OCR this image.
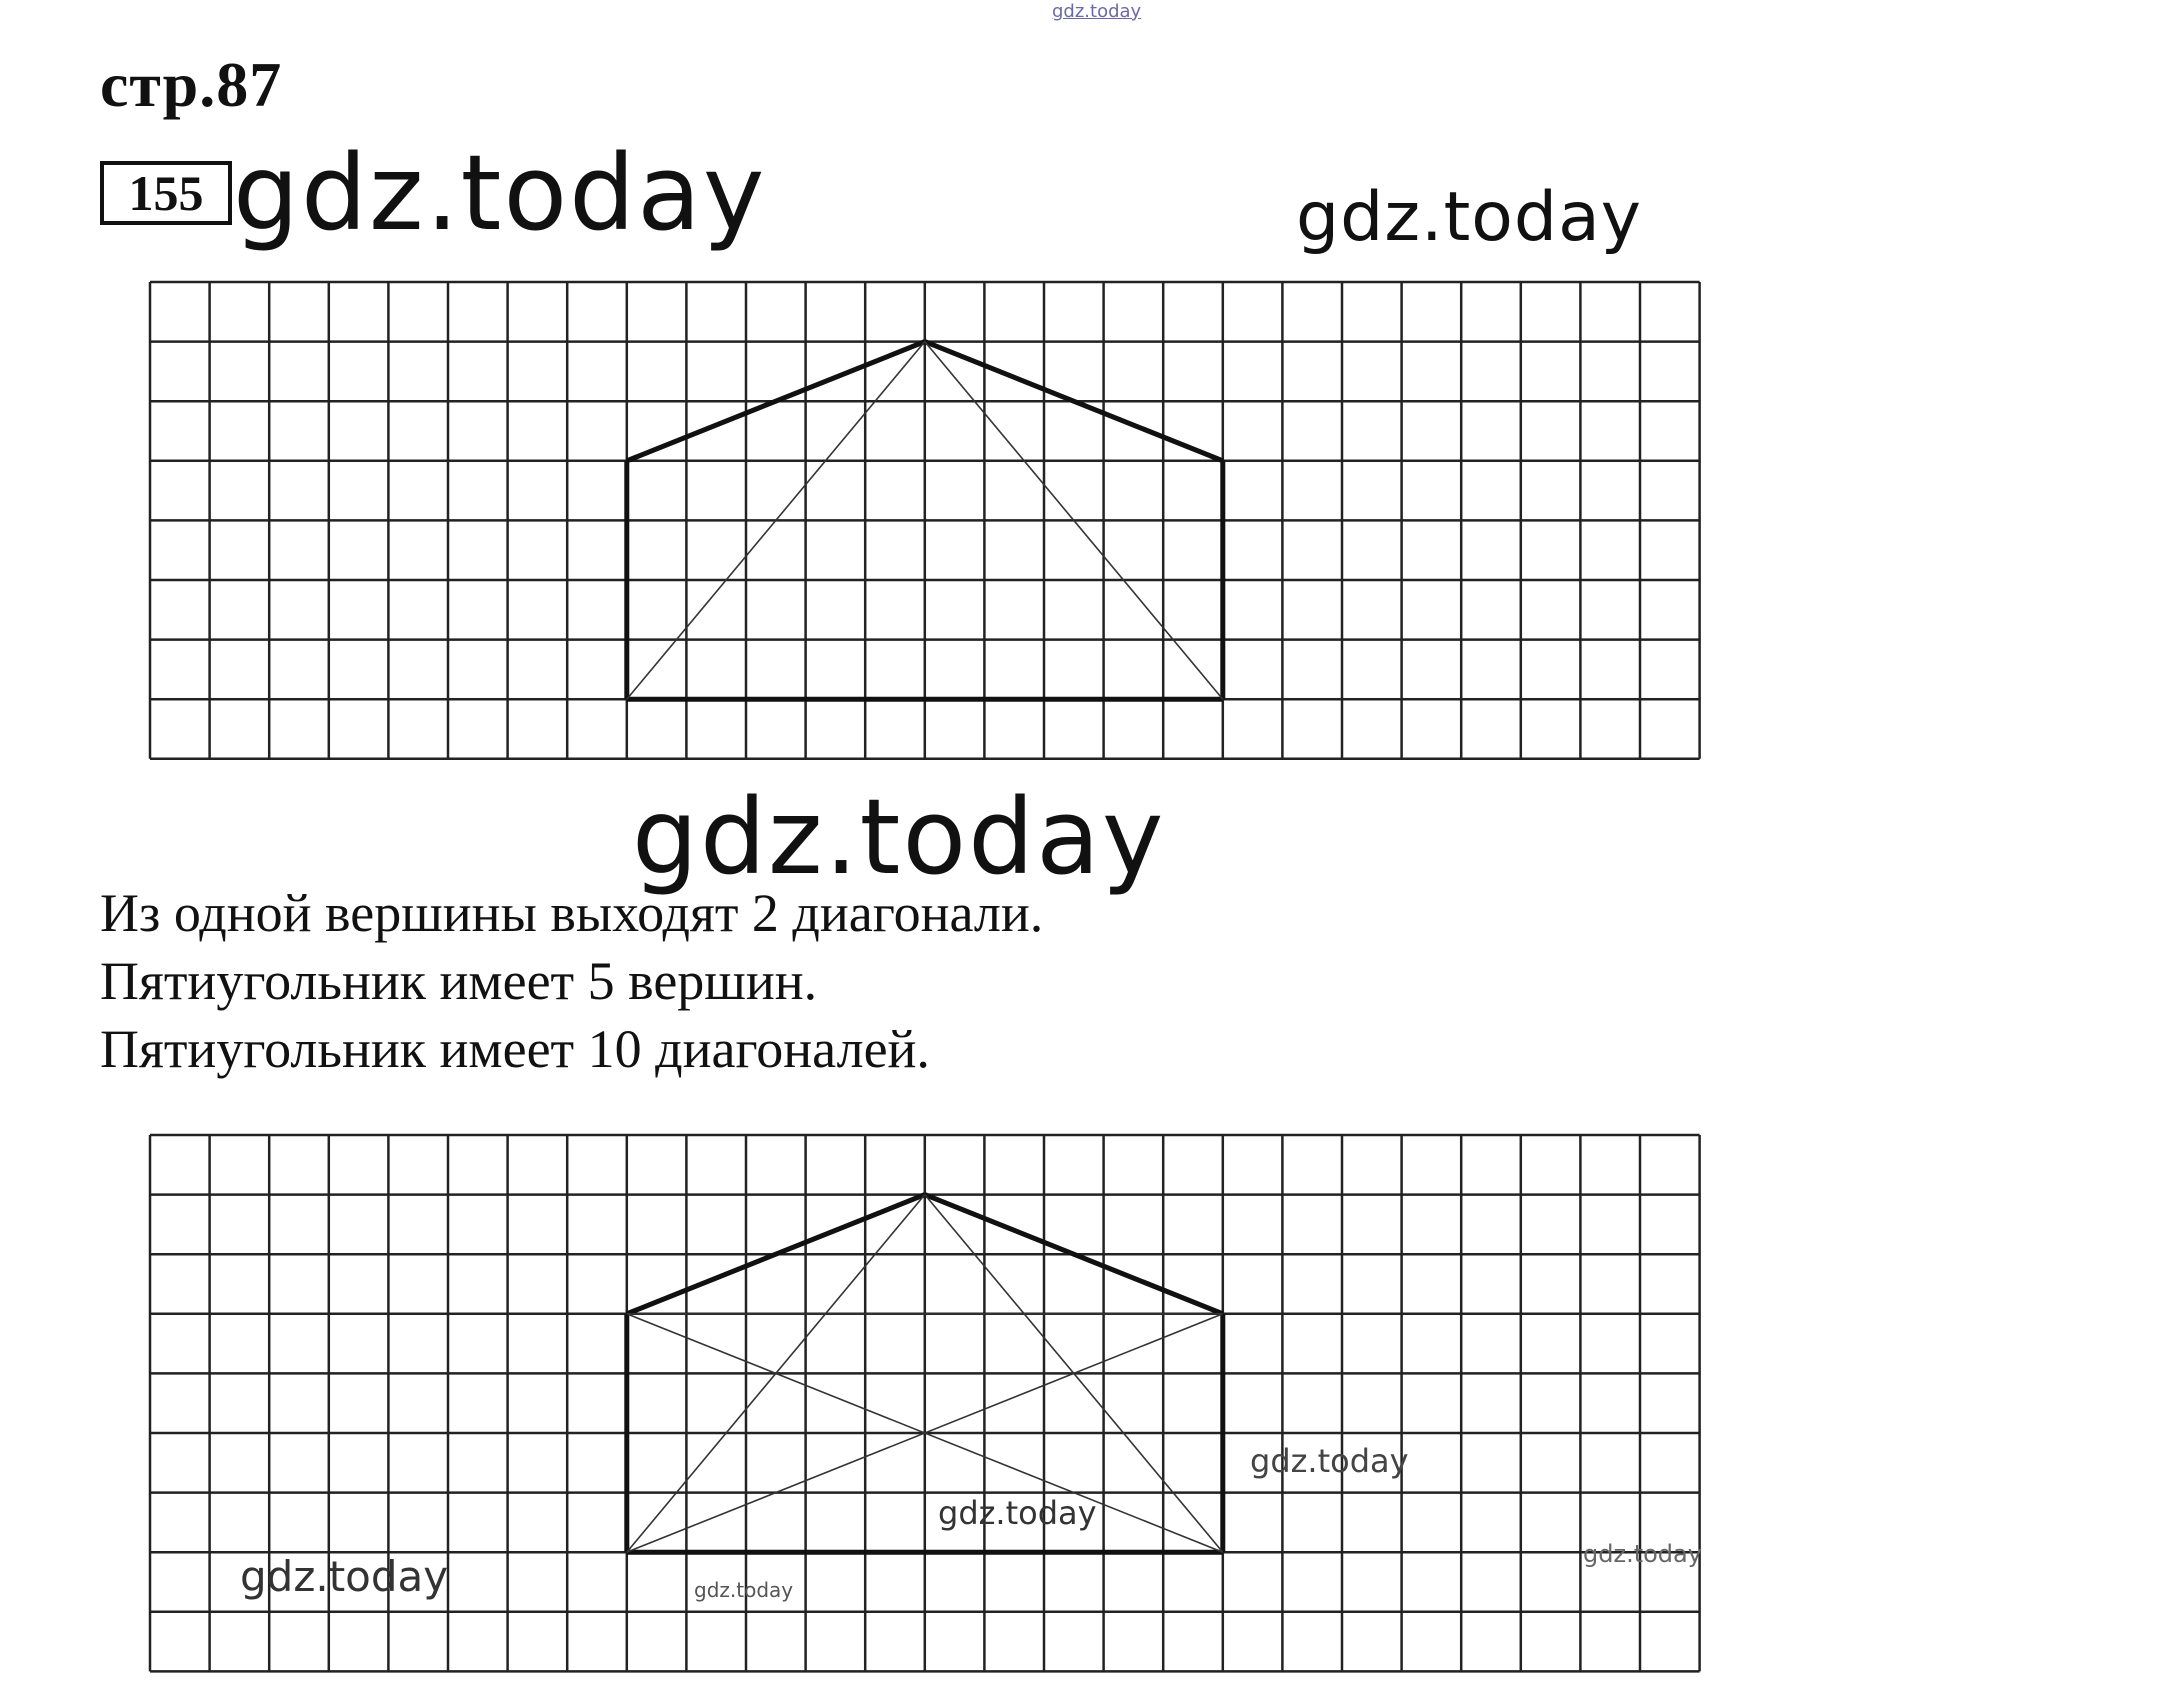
gdz.today
стр.87
155 gdz.today	gdz.today
gdz.today
Из одной вершины выходят 2 диагонали.
Пятиугольник имеет 5 вершин.
Пятиугольник имеет 10 диагоналей.
gdz.today
gdz.today
gdz.today	gdz.today
gdz.today
